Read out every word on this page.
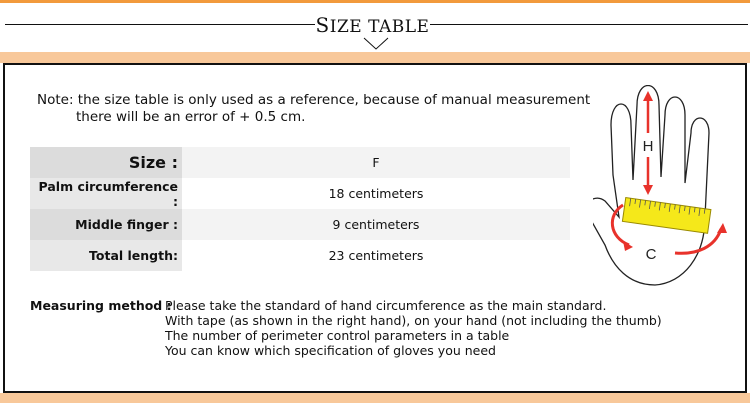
SIZE TABLE
Note: the size table is only used as a reference, because of manual measurement
there will be an error of + 0.5 cm.
Size :	F
Palm circumference :	18 centimeters
Middle finger :	9 centimeters
Total length:	23 centimeters
Measuring method :
Please take the standard of hand circumference as the main standard.
With tape (as shown in the right hand), on your hand (not including the thumb)
The number of perimeter control parameters in a table
You can know which specification of gloves you need
H
C
